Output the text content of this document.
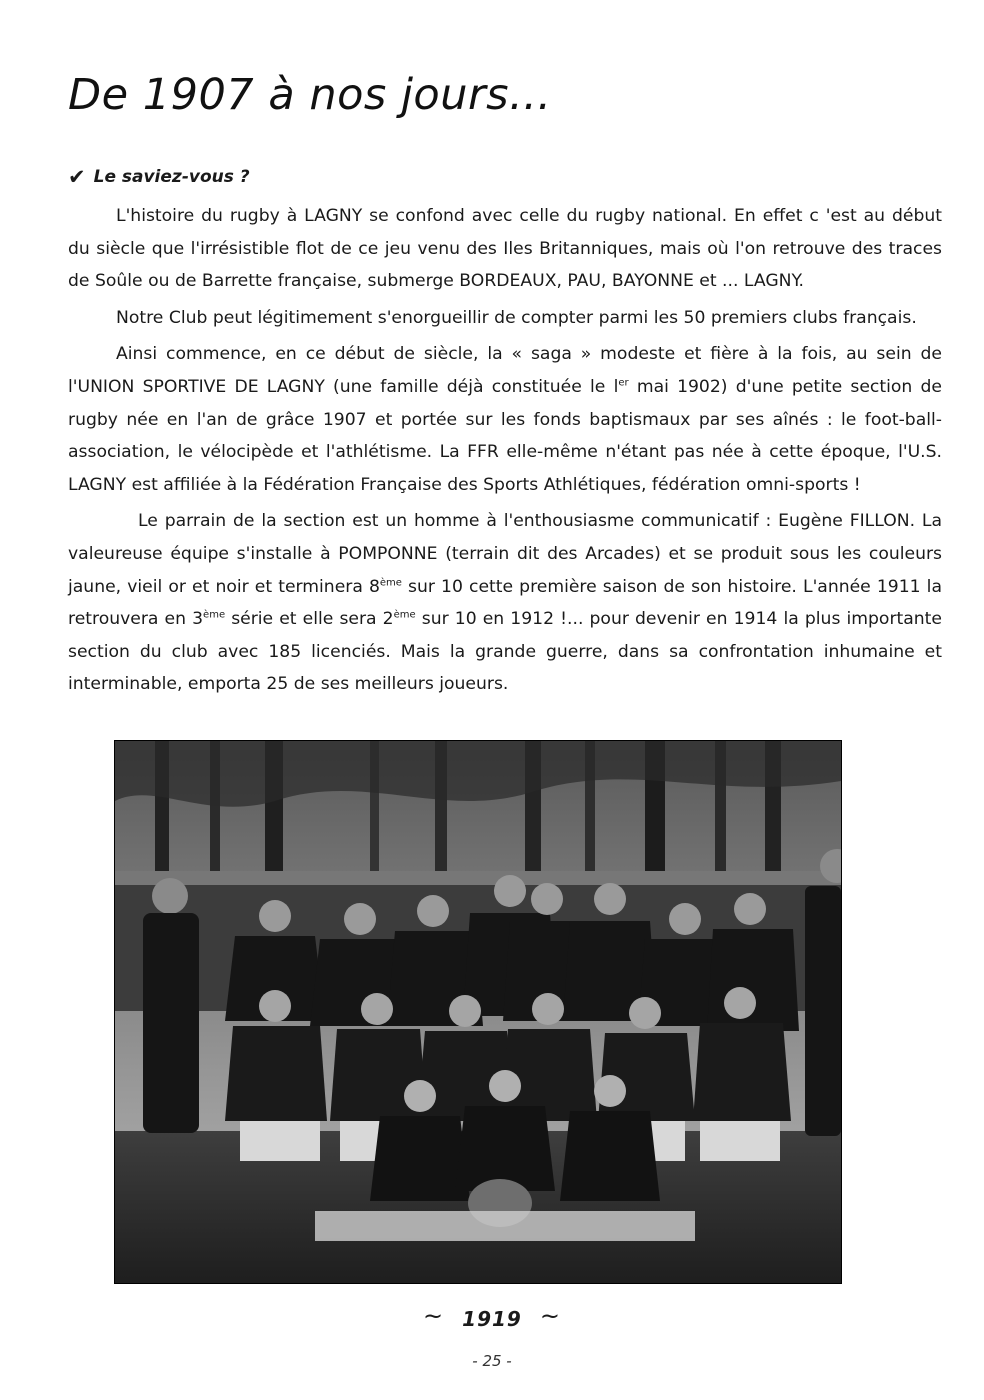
De 1907 à nos jours...
✔ Le saviez-vous ?

L'histoire du rugby à LAGNY se confond avec celle du rugby national. En effet c 'est au début du siècle que l'irrésistible flot de ce jeu venu des Iles Britanniques, mais où l'on retrouve des traces de Soûle ou de Barrette française, submerge BORDEAUX, PAU, BAYONNE et ... LAGNY.

Notre Club peut légitimement s'enorgueillir de compter parmi les 50 premiers clubs français.

Ainsi commence, en ce début de siècle, la « saga » modeste et fière à la fois, au sein de l'UNION SPORTIVE DE LAGNY (une famille déjà constituée le $l^{er}$ mai 1902) d'une petite section de rugby née en l'an de grâce 1907 et portée sur les fonds baptismaux par ses aînés : le foot-ball-association, le vélocipède et l'athlétisme. La FFR elle-même n'étant pas née à cette époque, l'U.S. LAGNY est affiliée à la Fédération Française des Sports Athlétiques, fédération omni-sports !

Le parrain de la section est un homme à l'enthousiasme communicatif : Eugène FILLON. La valeureuse équipe s'installe à POMPONNE (terrain dit des Arcades) et se produit sous les couleurs jaune, vieil or et noir et terminera 8ème sur 10 cette première saison de son histoire. L'année 1911 la retrouvera en 3ème série et elle sera 2ème sur 10 en 1912 !... pour devenir en 1914 la plus importante section du club avec 185 licenciés. Mais la grande guerre, dans sa confrontation inhumaine et interminable, emporta 25 de ses meilleurs joueurs.

~ 1919 ~
- 25 -
